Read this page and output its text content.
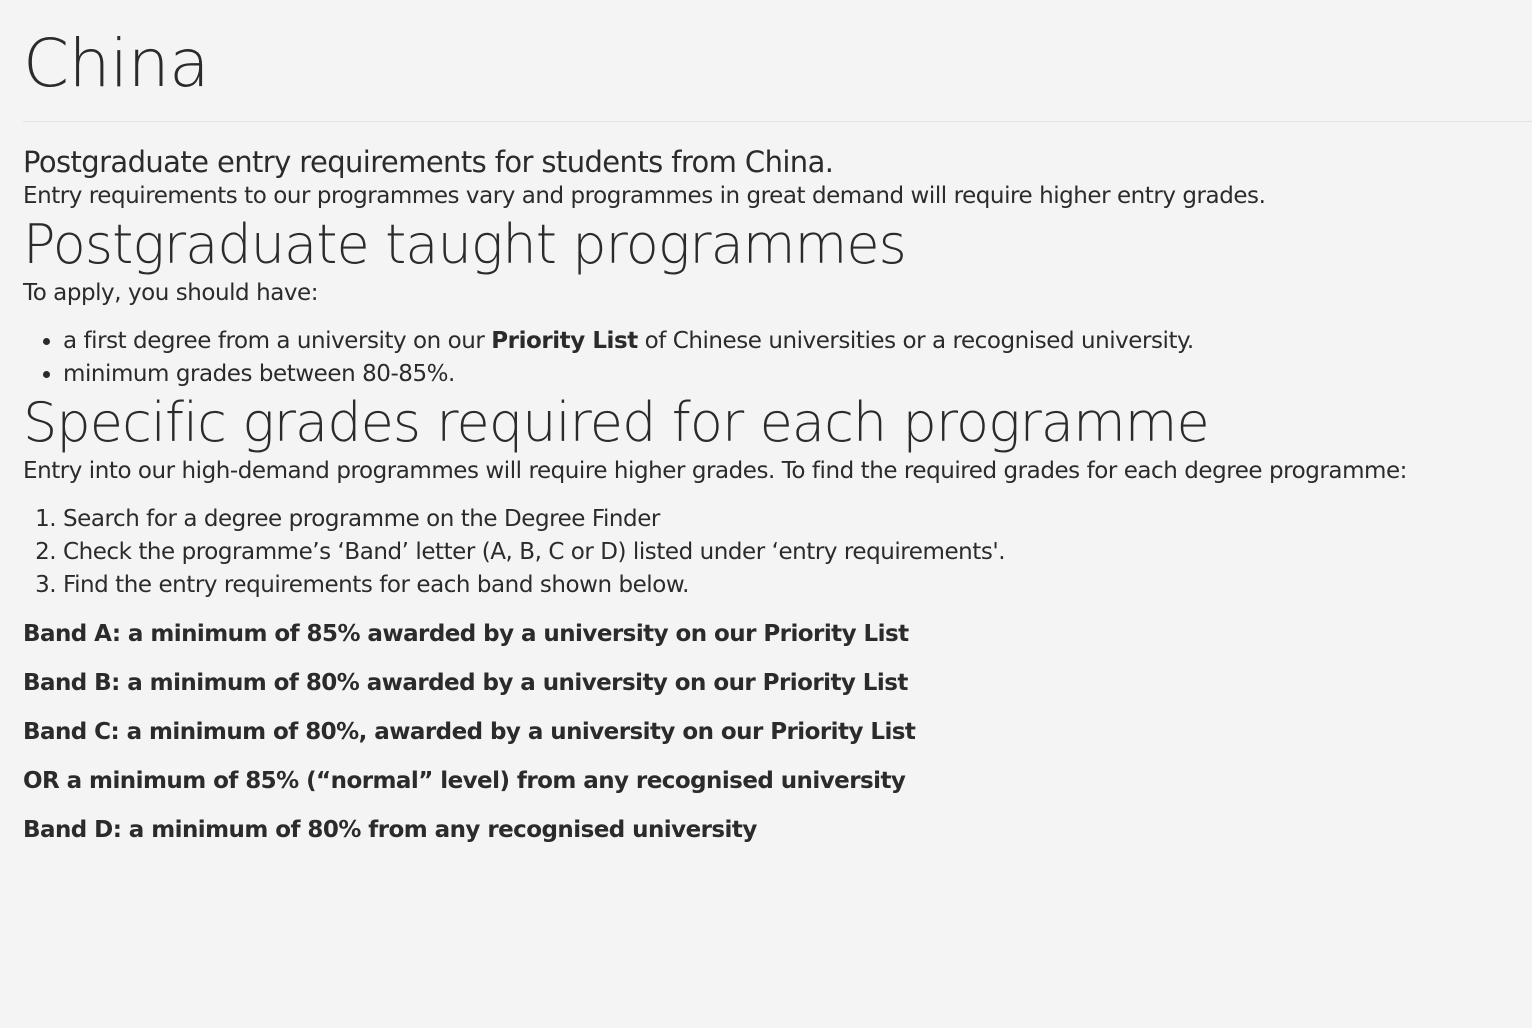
China

Postgraduate entry requirements for students from China.

Entry requirements to our programmes vary and programmes in great demand will require higher entry grades.

Postgraduate taught programmes

To apply, you should have:

• a first degree from a university on our Priority List of Chinese universities or a recognised university.
• minimum grades between 80-85%.
Specific grades required for each programme

Entry into our high-demand programmes will require higher grades. To find the required grades for each degree programme:

1. Search for a degree programme on the Degree Finder
2. Check the programme’s ‘Band’ letter (A, B, C or D) listed under ‘entry requirements'.
3. Find the entry requirements for each band shown below.

Band A: a minimum of 85% awarded by a university on our Priority List

Band B: a minimum of 80% awarded by a university on our Priority List

Band C: a minimum of 80%, awarded by a university on our Priority List

OR a minimum of 85% (“normal” level) from any recognised university

Band D: a minimum of 80% from any recognised university
